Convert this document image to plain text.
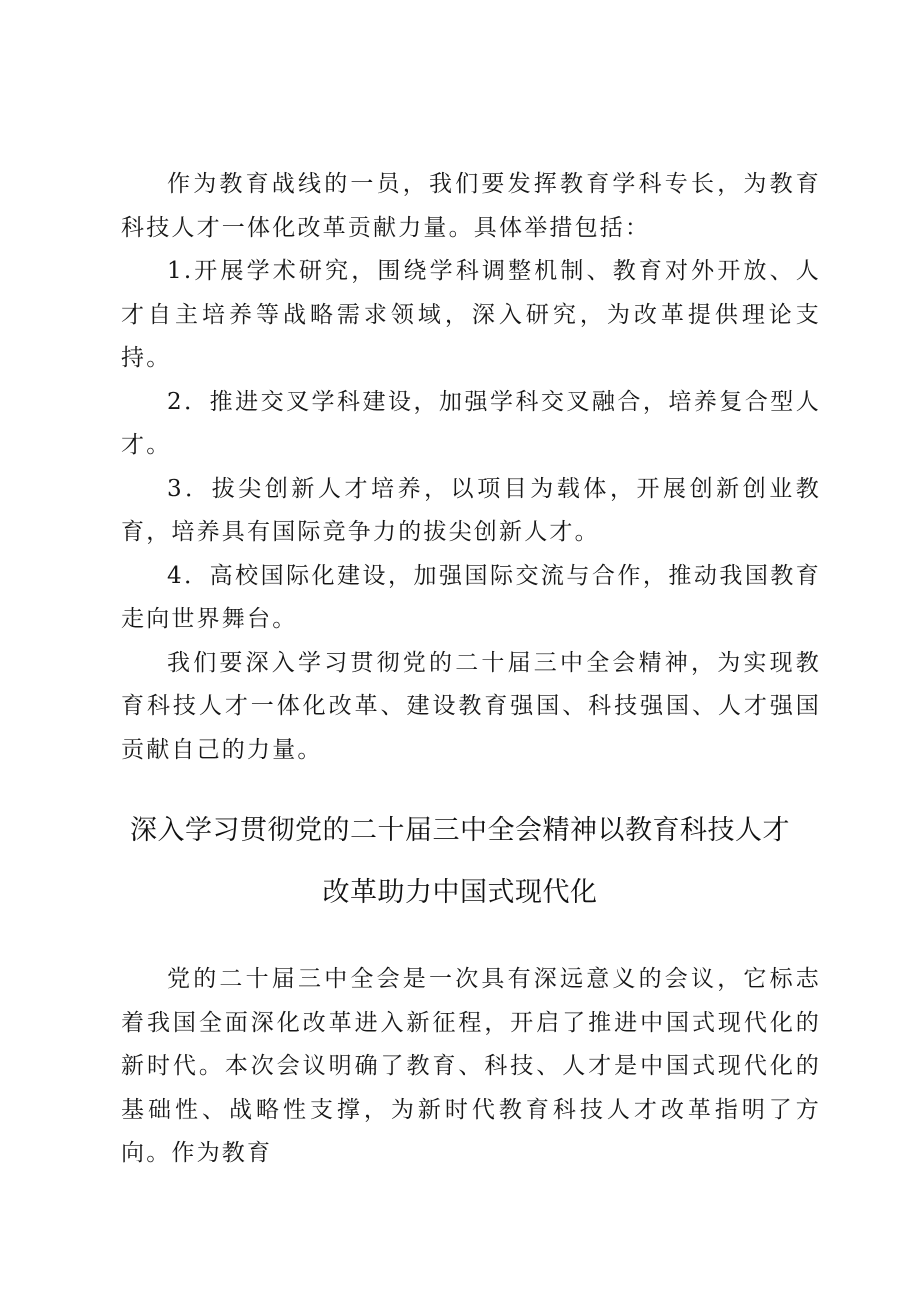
作为教育战线的一员，我们要发挥教育学科专长，为教育科技人才一体化改革贡献力量。具体举措包括：

1.开展学术研究，围绕学科调整机制、教育对外开放、人才自主培养等战略需求领域，深入研究，为改革提供理论支持。

2．推进交叉学科建设，加强学科交叉融合，培养复合型人才。

3．拔尖创新人才培养，以项目为载体，开展创新创业教育，培养具有国际竞争力的拔尖创新人才。

4．高校国际化建设，加强国际交流与合作，推动我国教育走向世界舞台。

我们要深入学习贯彻党的二十届三中全会精神，为实现教育科技人才一体化改革、建设教育强国、科技强国、人才强国贡献自己的力量。

深入学习贯彻党的二十届三中全会精神以教育科技人才

改革助力中国式现代化

党的二十届三中全会是一次具有深远意义的会议，它标志着我国全面深化改革进入新征程，开启了推进中国式现代化的新时代。本次会议明确了教育、科技、人才是中国式现代化的基础性、战略性支撑，为新时代教育科技人才改革指明了方向。作为教育
